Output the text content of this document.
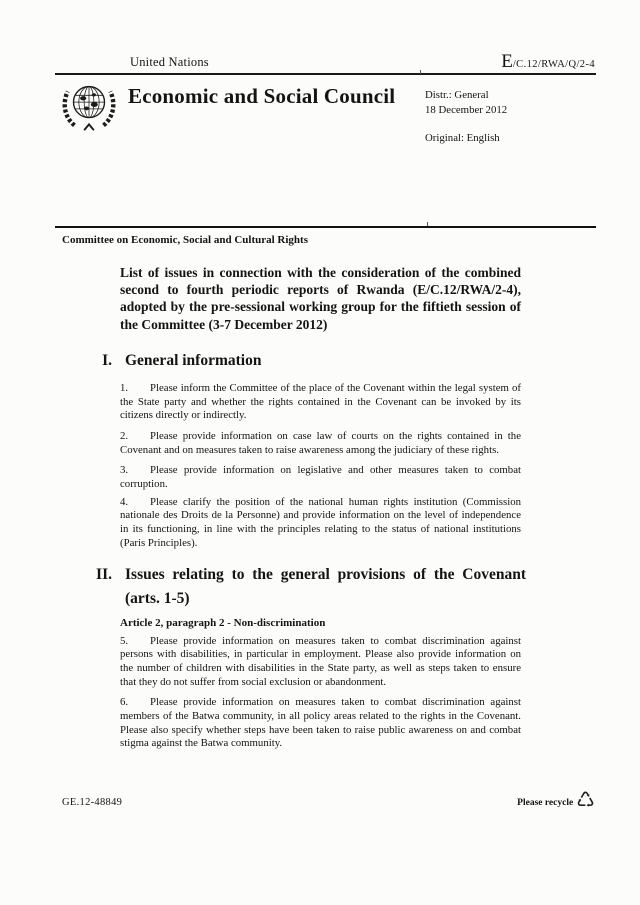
United Nations	E/C.12/RWA/Q/2-4
Economic and Social Council	Distr.: General
18 December 2012
Original: English
Committee on Economic, Social and Cultural Rights
List of issues in connection with the consideration of the combined second to fourth periodic reports of Rwanda (E/C.12/RWA/2-4), adopted by the pre-sessional working group for the fiftieth session of the Committee (3-7 December 2012)
I. General information

1. Please inform the Committee of the place of the Covenant within the legal system of the State party and whether the rights contained in the Covenant can be invoked by its citizens directly or indirectly.

2. Please provide information on case law of courts on the rights contained in the Covenant and on measures taken to raise awareness among the judiciary of these rights.

3. Please provide information on legislative and other measures taken to combat corruption.

4. Please clarify the position of the national human rights institution (Commission nationale des Droits de la Personne) and provide information on the level of independence in its functioning, in line with the principles relating to the status of national institutions (Paris Principles).

II. Issues relating to the general provisions of the Covenant (arts. 1-5)
Article 2, paragraph 2 - Non-discrimination

5. Please provide information on measures taken to combat discrimination against persons with disabilities, in particular in employment. Please also provide information on the number of children with disabilities in the State party, as well as steps taken to ensure that they do not suffer from social exclusion or abandonment.

6. Please provide information on measures taken to combat discrimination against members of the Batwa community, in all policy areas related to the rights in the Covenant. Please also specify whether steps have been taken to raise public awareness on and combat stigma against the Batwa community.

GE.12-48849	Please recycle ♺
